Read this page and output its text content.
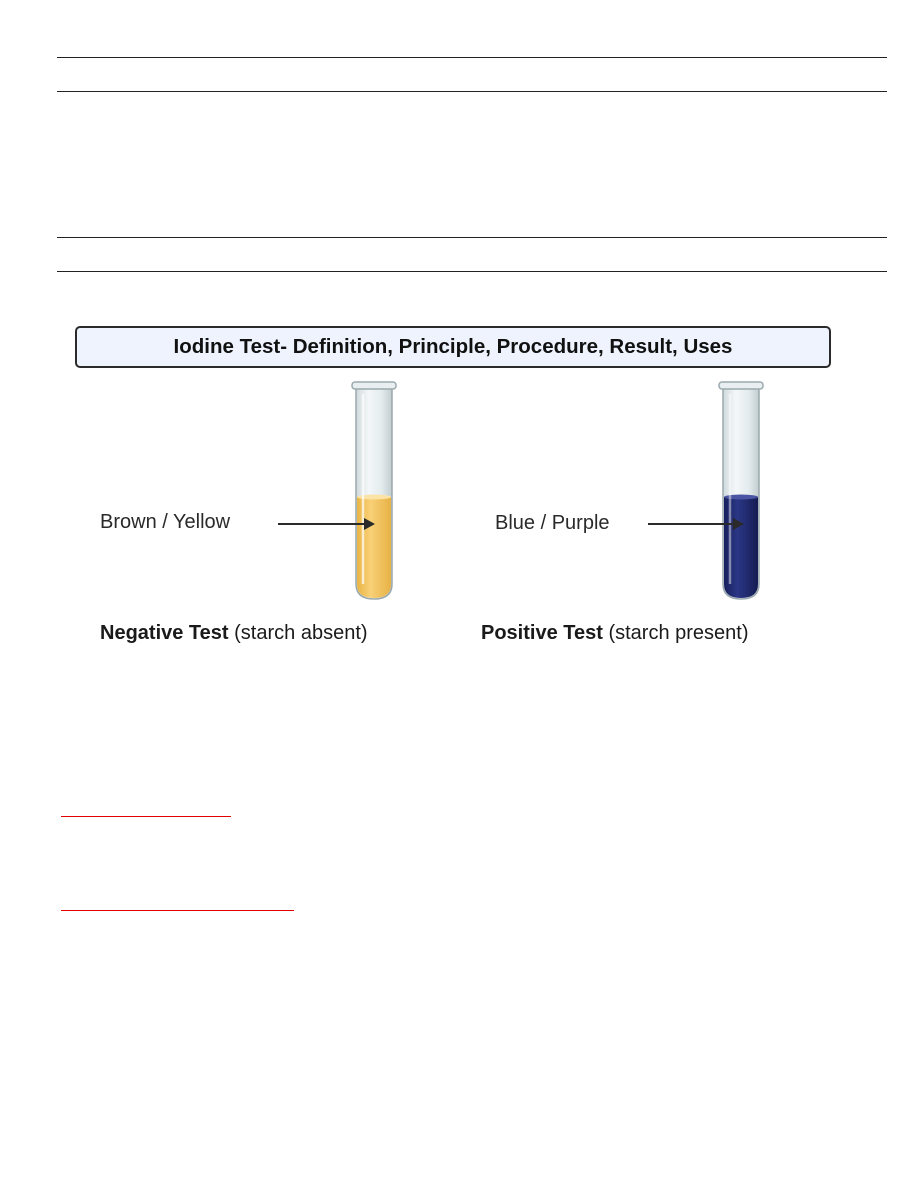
Iodine Test- Definition, Principle, Procedure, Result, Uses
Brown / Yellow	Blue / Purple
Negative Test (starch absent)	Positive Test (starch present)
